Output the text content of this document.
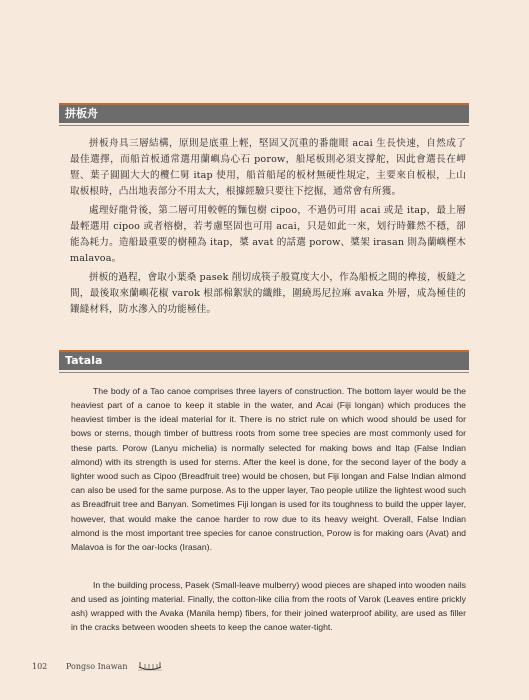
拼板舟

拼板舟具三層結構，原則是底重上輕，堅固又沉重的番龍眼 acai 生長快速，自然成了最佳選擇，而船首板通常選用蘭嶼烏心石 porow，船尾板則必須支撐舵，因此會選長在岬豎、葉子圓圓大大的欖仁舅 itap 使用，船首船尾的板材無硬性規定，主要來自板根，上山取板根時，凸出地表部分不用太大，根據經驗只要往下挖掘，通常會有所獲。

處理好龍骨後，第二層可用較輕的麵包樹 cipoo，不過仍可用 acai 或是 itap，最上層最輕選用 cipoo 或者榕樹，若考慮堅固也可用 acai，只是如此一來，划行時難然不穩，卻能為耗力。造船最重要的樹種為 itap，槳 avat 的話選 porow、槳架 irasan 則為蘭嶼樫木 malavoa。

拼板的過程，會取小葉桑 pasek 削切成筷子般寬度大小，作為船板之間的榫接，板縫之間，最後取來蘭嶼花椒 varok 根部棉絮狀的纖維，圍繞馬尼拉麻 avaka 外層，成為極佳的鑲縫材料，防水滲入的功能極佳。

Tatala

The body of a Tao canoe comprises three layers of construction. The bottom layer would be the heaviest part of a canoe to keep it stable in the water, and Acai (Fiji longan) which produces the heaviest timber is the ideal material for it. There is no strict rule on which wood should be used for bows or sterns, though timber of buttress roots from some tree species are most commonly used for these parts. Porow (Lanyu michelia) is normally selected for making bows and Itap (False Indian almond) with its strength is used for sterns. After the keel is done, for the second layer of the body a lighter wood such as Cipoo (Breadfruit tree) would be chosen, but Fiji longan and False Indian almond can also be used for the same purpose. As to the upper layer, Tao people utilize the lightest wood such as Breadfruit tree and Banyan. Sometimes Fiji longan is used for its toughness to build the upper layer, however, that would make the canoe harder to row due to its heavy weight. Overall, False Indian almond is the most important tree species for canoe construction, Porow is for making oars (Avat) and Malavoa is for the oar-locks (Irasan).

In the building process, Pasek (Small-leave mulberry) wood pieces are shaped into wooden nails and used as jointing material. Finally, the cotton-like cilia from the roots of Varok (Leaves entire prickly ash) wrapped with the Avaka (Manila hemp) fibers, for their joined waterproof ability, are used as filler in the cracks between wooden sheets to keep the canoe water-tight.

102	Pongso Inawan
